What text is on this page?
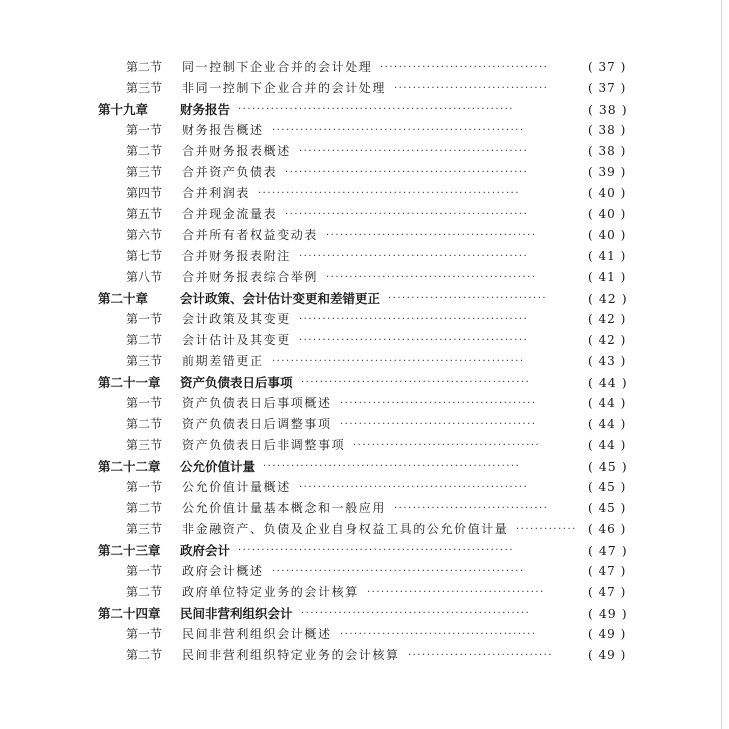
第二节 同一控制下企业合并的会计处理 ····································	( 37 )
第三节 非同一控制下企业合并的会计处理 ·································	( 37 )
第十九章	财务报告 ···························································	( 38 )
第一节 财务报告概述 ······················································	( 38 )
第二节 合并财务报表概述 ·················································	( 38 )
第三节 合并资产负债表 ····················································	( 39 )
第四节 合并利润表 ························································	( 40 )
第五节 合并现金流量表 ····················································	( 40 )
第六节 合并所有者权益变动表 ·············································	( 40 )
第七节 合并财务报表附注 ·················································	( 41 )
第八节 合并财务报表综合举例 ·············································	( 41 )
第二十章	会计政策、会计估计变更和差错更正 ··································	( 42 )
第一节 会计政策及其变更 ·················································	( 42 )
第二节 会计估计及其变更 ·················································	( 42 )
第三节 前期差错更正 ······················································	( 43 )
第二十一章 资产负债表日后事项 ·················································	( 44 )
第一节 资产负债表日后事项概述 ··········································	( 44 )
第二节 资产负债表日后调整事项 ··········································	( 44 )
第三节 资产负债表日后非调整事项 ········································	( 44 )
第二十二章 公允价值计量 ·······················································	( 45 )
第一节 公允价值计量概述 ·················································	( 45 )
第二节 公允价值计量基本概念和一般应用 ·································	( 45 )
第三节 非金融资产、负债及企业自身权益工具的公允价值计量 ············· ( 46 )
第二十三章 政府会计 ···························································	( 47 )
第一节 政府会计概述 ······················································	( 47 )
第二节 政府单位特定业务的会计核算 ······································	( 47 )
第二十四章 民间非营利组织会计 ·················································	( 49 )
第一节 民间非营利组织会计概述 ··········································	( 49 )
第二节 民间非营利组织特定业务的会计核算 ·······························	( 49 )
